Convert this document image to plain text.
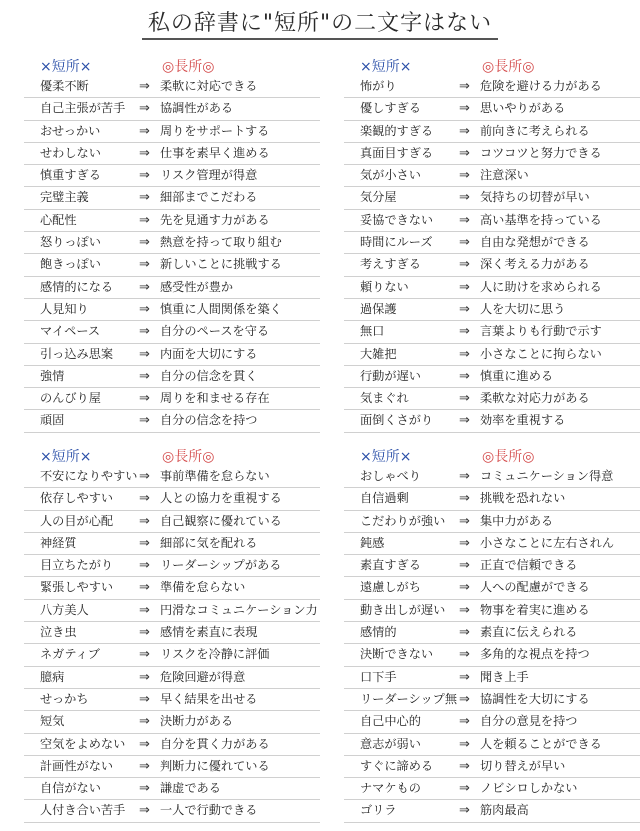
私の辞書に"短所"の二文字はない
×短所×	◎長所◎
優柔不断	⇒ 柔軟に対応できる
自己主張が苦手	⇒ 協調性がある
おせっかい	⇒ 周りをサポートする
せわしない	⇒ 仕事を素早く進める
慎重すぎる	⇒ リスク管理が得意
完璧主義	⇒ 細部までこだわる
心配性	⇒ 先を見通す力がある
怒りっぽい	⇒ 熱意を持って取り組む
飽きっぽい	⇒ 新しいことに挑戦する
感情的になる	⇒ 感受性が豊か
人見知り	⇒ 慎重に人間関係を築く
マイペース	⇒ 自分のペースを守る
引っ込み思案	⇒ 内面を大切にする
強情	⇒ 自分の信念を貫く
のんびり屋	⇒ 周りを和ませる存在
頑固	⇒ 自分の信念を持つ
×短所×	◎長所◎
怖がり	⇒ 危険を避ける力がある
優しすぎる	⇒ 思いやりがある
楽観的すぎる	⇒ 前向きに考えられる
真面目すぎる	⇒ コツコツと努力できる
気が小さい	⇒ 注意深い
気分屋	⇒ 気持ちの切替が早い
妥協できない	⇒ 高い基準を持っている
時間にルーズ	⇒ 自由な発想ができる
考えすぎる	⇒ 深く考える力がある
頼りない	⇒ 人に助けを求められる
過保護	⇒ 人を大切に思う
無口	⇒ 言葉よりも行動で示す
大雑把	⇒ 小さなことに拘らない
行動が遅い	⇒ 慎重に進める
気まぐれ	⇒ 柔軟な対応力がある
面倒くさがり	⇒ 効率を重視する
×短所×	◎長所◎
不安になりやすい ⇒ 事前準備を怠らない
依存しやすい	⇒ 人との協力を重視する
人の目が心配	⇒ 自己観察に優れている
神経質	⇒ 細部に気を配れる
目立ちたがり	⇒ リーダーシップがある
緊張しやすい	⇒ 準備を怠らない
八方美人	⇒ 円滑なコミュニケーション力
泣き虫	⇒ 感情を素直に表現
ネガティブ	⇒ リスクを冷静に評価
臆病	⇒ 危険回避が得意
せっかち	⇒ 早く結果を出せる
短気	⇒ 決断力がある
空気をよめない	⇒ 自分を貫く力がある
計画性がない	⇒ 判断力に優れている
自信がない	⇒ 謙虚である
人付き合い苦手	⇒ 一人で行動できる
×短所×	◎長所◎
おしゃべり	⇒ コミュニケーション得意
自信過剰	⇒ 挑戦を恐れない
こだわりが強い	⇒ 集中力がある
鈍感	⇒ 小さなことに左右されん
素直すぎる	⇒ 正直で信頼できる
遠慮しがち	⇒ 人への配慮ができる
動き出しが遅い	⇒ 物事を着実に進める
感情的	⇒ 素直に伝えられる
決断できない	⇒ 多角的な視点を持つ
口下手	⇒ 聞き上手
リーダーシップ無 ⇒ 協調性を大切にする
自己中心的	⇒ 自分の意見を持つ
意志が弱い	⇒ 人を頼ることができる
すぐに諦める	⇒ 切り替えが早い
ナマケもの	⇒ ノビシロしかない
ゴリラ	⇒ 筋肉最高
